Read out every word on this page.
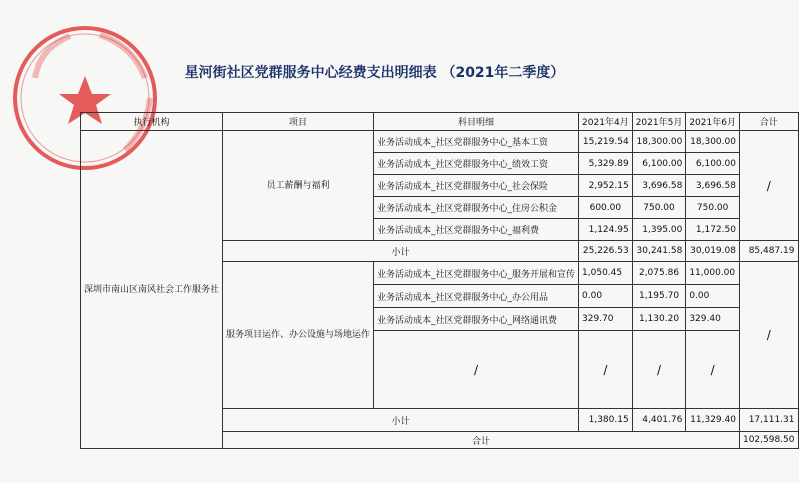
星河街社区党群服务中心经费支出明细表 （2021年二季度）
执行机构	项目	科目明细	2021年4月	2021年5月	2021年6月	合计
深圳市南山区南风社会工作服务社	员工薪酬与福利	业务活动成本_社区党群服务中心_基本工资	15,219.54	18,300.00	18,300.00	/
		业务活动成本_社区党群服务中心_绩效工资	5,329.89	6,100.00	6,100.00	
		业务活动成本_社区党群服务中心_社会保险	2,952.15	3,696.58	3,696.58	
		业务活动成本_社区党群服务中心_住房公积金	600.00	750.00	750.00	
		业务活动成本_社区党群服务中心_福利费	1,124.95	1,395.00	1,172.50	
	小计		25,226.53	30,241.58	30,019.08	85,487.19
	服务项目运作、办公设施与场地运作	业务活动成本_社区党群服务中心_服务开展和宣传	1,050.45	2,075.86	11,000.00	/
		业务活动成本_社区党群服务中心_办公用品	0.00	1,195.70	0.00	
		业务活动成本_社区党群服务中心_网络通讯费	329.70	1,130.20	329.40	
		/	/	/	/	

	小计		1,380.15	4,401.76	11,329.40	17,111.31
	合计					102,598.50
